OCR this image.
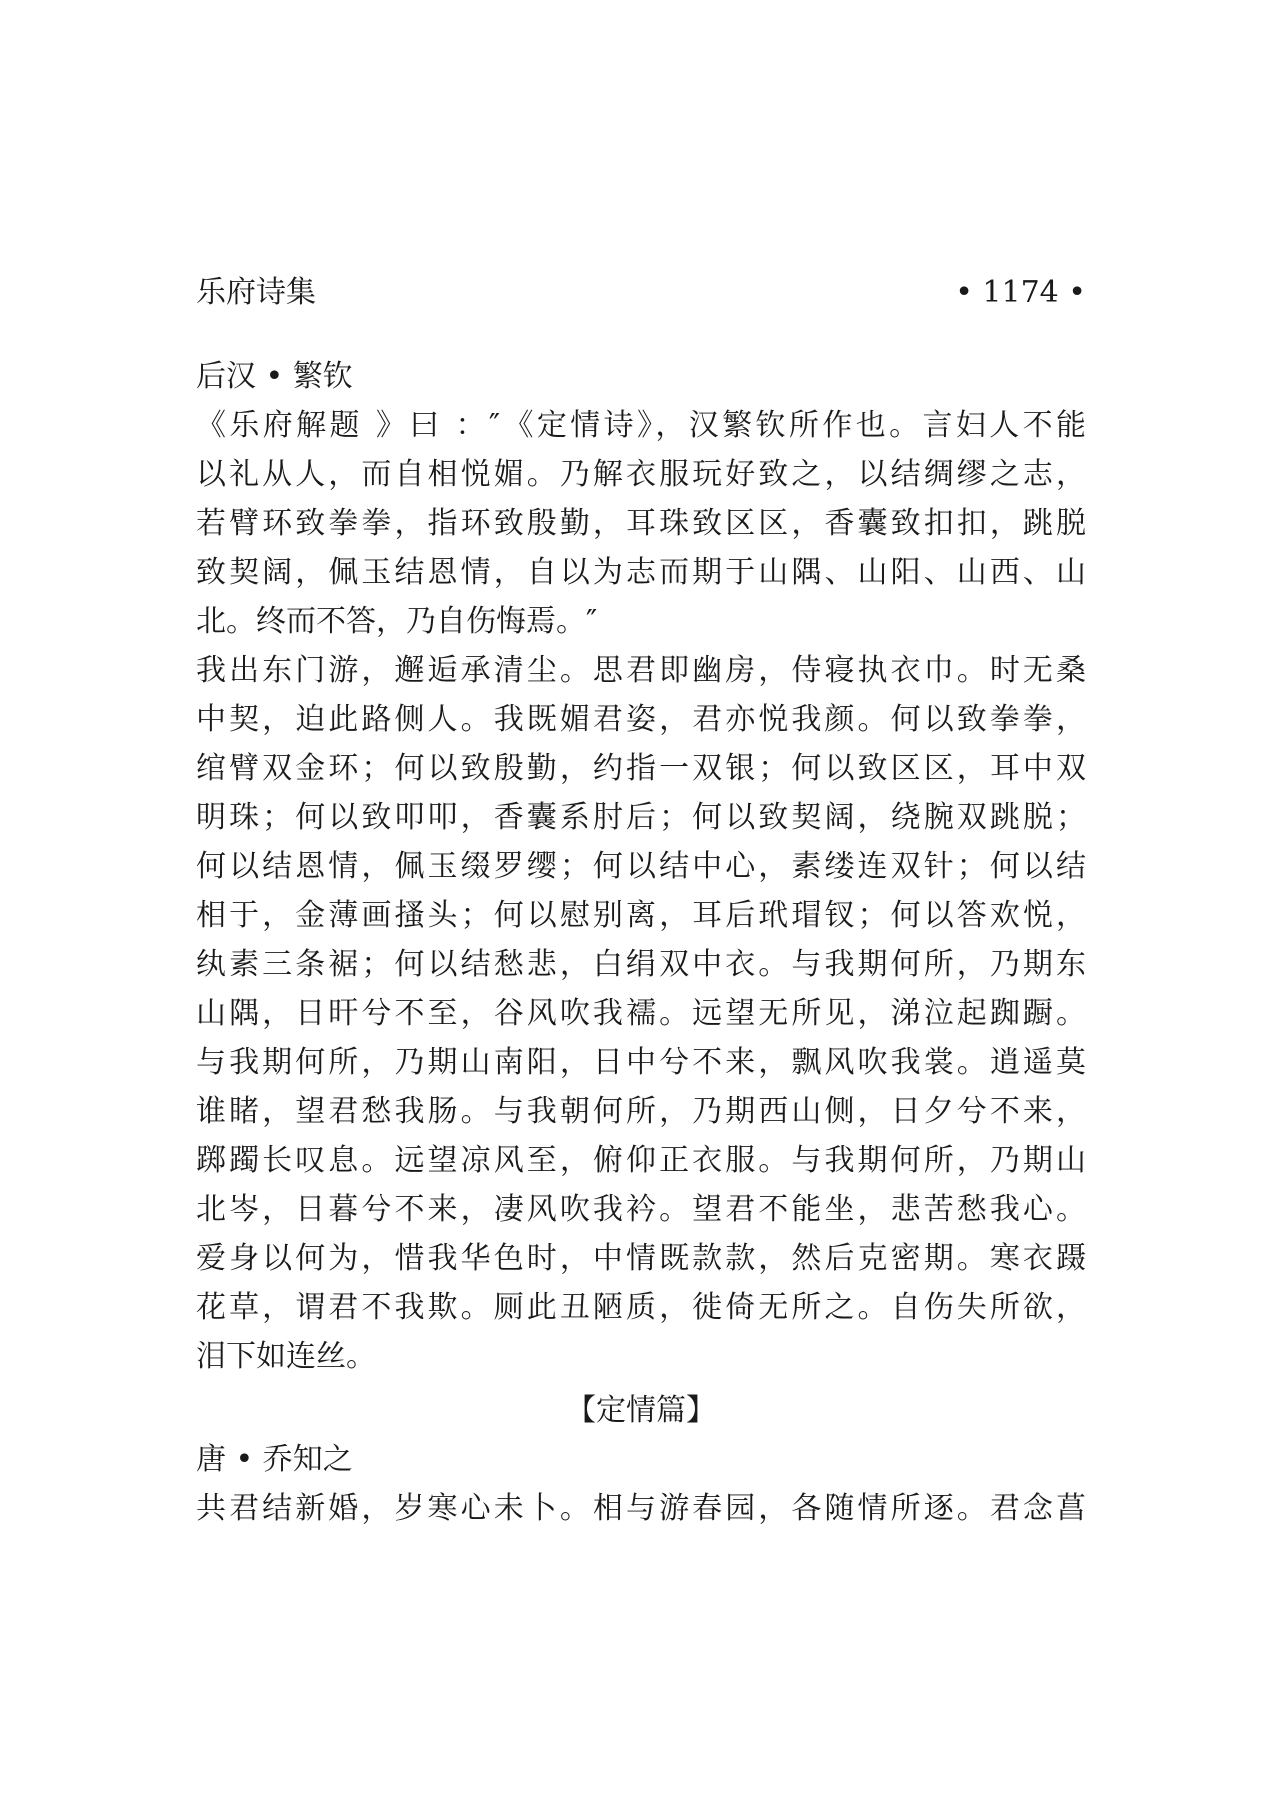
乐府诗集	• 1174 •
后汉 • 繁钦
《乐府解题 》曰 ：″《定情诗》，汉繁钦所作也。言妇人不能
以礼从人，而自相悦媚。乃解衣服玩好致之，以结绸缪之志，
若臂环致拳拳，指环致殷勤，耳珠致区区，香囊致扣扣，跳脱
致契阔，佩玉结恩情，自以为志而期于山隅、山阳、山西、山
北。终而不答，乃自伤悔焉。″
我出东门游，邂逅承清尘。思君即幽房，侍寝执衣巾。时无桑
中契，迫此路侧人。我既媚君姿，君亦悦我颜。何以致拳拳，
绾臂双金环；何以致殷勤，约指一双银；何以致区区，耳中双
明珠；何以致叩叩，香囊系肘后；何以致契阔，绕腕双跳脱；
何以结恩情，佩玉缀罗缨；何以结中心，素缕连双针；何以结
相于，金薄画搔头；何以慰别离，耳后玳瑁钗；何以答欢悦，
纨素三条裾；何以结愁悲，白绢双中衣。与我期何所，乃期东
山隅，日旰兮不至，谷风吹我襦。远望无所见，涕泣起踟蹰。
与我期何所，乃期山南阳，日中兮不来，飘风吹我裳。逍遥莫
谁睹，望君愁我肠。与我朝何所，乃期西山侧，日夕兮不来，
踯躅长叹息。远望凉风至，俯仰正衣服。与我期何所，乃期山
北岑，日暮兮不来，凄风吹我衿。望君不能坐，悲苦愁我心。
爱身以何为，惜我华色时，中情既款款，然后克密期。寒衣蹑
花草，谓君不我欺。厕此丑陋质，徙倚无所之。自伤失所欲，
泪下如连丝。
【定情篇】
唐 • 乔知之
共君结新婚，岁寒心未卜。相与游春园，各随情所逐。君念菖
